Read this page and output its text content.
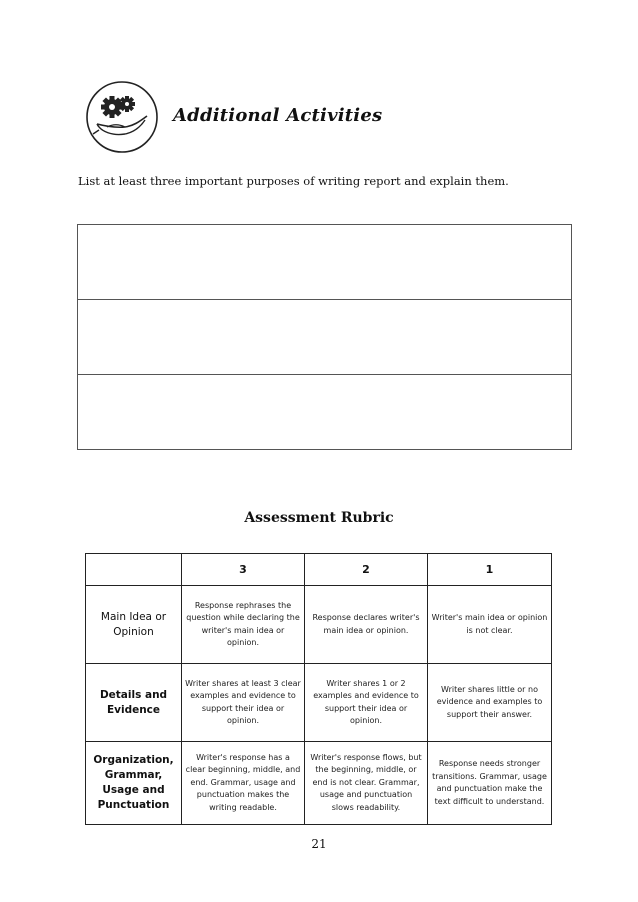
Additional Activities
List at least three important purposes of writing report and explain them.
Assessment Rubric
	3	2	1
Main Idea or Opinion	Response rephrases the question while declaring the writer's main idea or opinion.	Response declares writer's main idea or opinion.	Writer's main idea or opinion is not clear.
Details and Evidence	Writer shares at least 3 clear examples and evidence to support their idea or opinion.	Writer shares 1 or 2 examples and evidence to support their idea or opinion.	Writer shares little or no evidence and examples to support their answer.
Organization, Grammar, Usage and Punctuation	Writer's response has a clear beginning, middle, and end. Grammar, usage and punctuation makes the writing readable.	Writer's response flows, but the beginning, middle, or end is not clear. Grammar, usage and punctuation slows readability.	Response needs stronger transitions. Grammar, usage and punctuation make the text difficult to understand.
21
